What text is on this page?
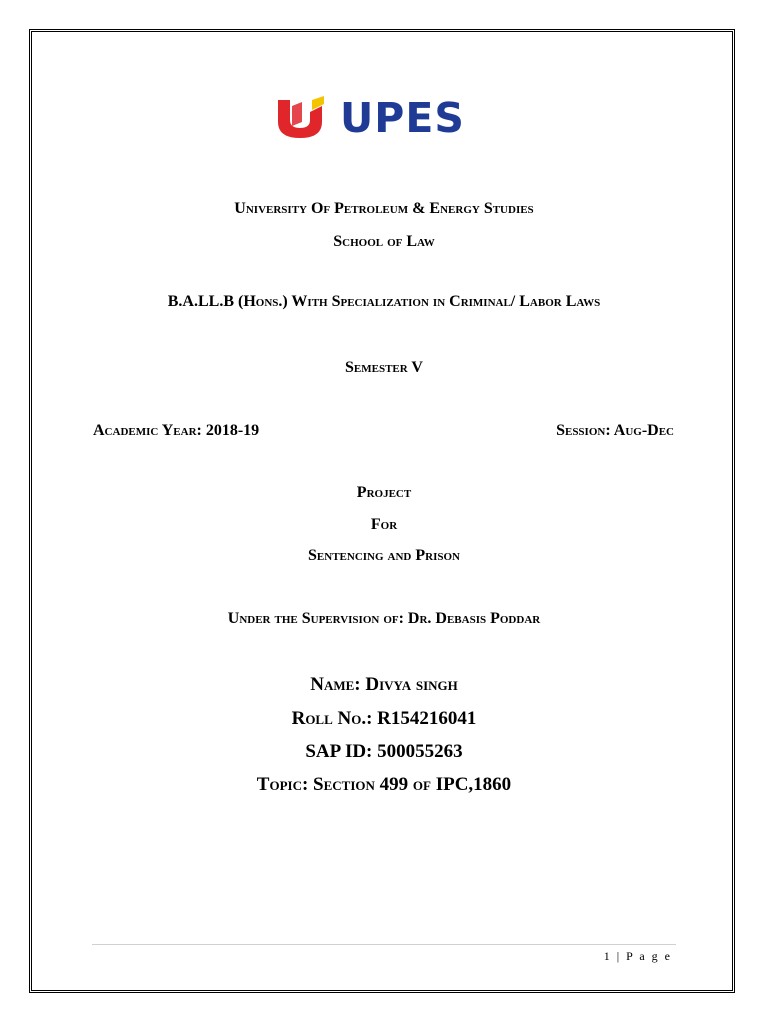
UPES
University Of Petroleum & Energy Studies
School of Law
B.A.LL.B (Hons.) With Specialization in Criminal/ Labor Laws
Semester V
Academic Year: 2018-19	Session: Aug-Dec
Project
For
Sentencing and Prison
Under the Supervision of: Dr. Debasis Poddar
Name: Divya singh
Roll No.: R154216041
SAP ID: 500055263
Topic: Section 499 of IPC,1860
1 | P a g e
